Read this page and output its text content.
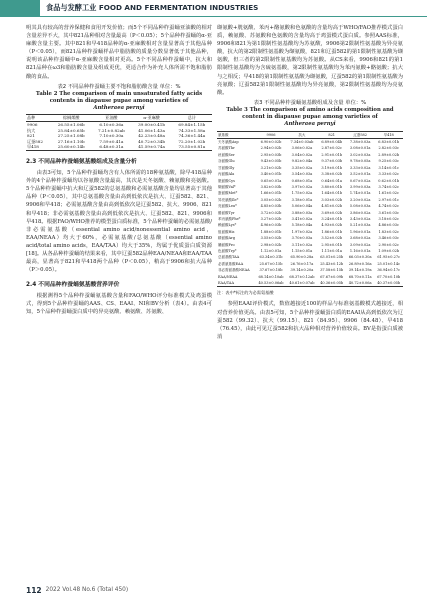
食品与发酵工业 FOOD AND FERMENTATION INDUSTRIES

明其具有较高的营养保健和食用开发价值；而5个不同品种柞蚕蛹亚油酸的相对含量差异不大，其中821品种相对含量最高（P＜0.05）；5个品种柞蚕蛹的α-亚麻酸含量主要。其中821和早418品种的α-亚麻酸相对含量显著高于其他品种（P＜0.05），而821品种柞蚕蛹样品中脂肪酸的质量分数显著低于其他品种，说明该品种柞蚕蛹中α-亚麻酸含量相对更高。5个不同品种柞蚕蛹中，抗大和821品种在ω3和脂肪酸含量及组成更优，更适合作为补充人体所需不饱和脂肪酸的食品。

表2 不同品种柞蚕蛹主要不饱和脂肪酸含量 单位：%
Table 2 The comparison of main unsaturated fatty acids
contents in diapause pupae among varieties of
Antheraea pernyi
品种	棕榈烯酸	亚油酸	α-亚麻酸	总计
9906	26.55±1.06b	6.10±0.36a	39.00±0.41b	69.84±1.15b
抗大	25.84±0.65b	7.21±0.82ab	41.06±1.43a	74.33±1.58a
821	27.25±1.08b	7.10±0.30a	42.23±0.48a	74.36±1.44a
辽蚕582	27.16±1.10b	7.59±0.41a	40.72±0.34b	72.20±1.02b
早418	25.60±0.14b	6.48±0.31a	41.59±0.74a	73.55±0.81a
2.3 不同品种柞蚕蛹氨基酸组成及含量分析

由表3可知，5个品种柞蚕蛹均含有人体所需的18种氨基酸，除早418品种外的4个品种柞蚕蛹均以谷氨酸含量最高，其次是天冬氨酸、赖氨酸和亮氨酸。5个品种柞蚕蛹中抗大和辽蚕582的总氨基酸和必需氨基酸含量均显著高于其他品种（P＜0.05），其中总氨基酸含量由高到低依次是抗大、辽蚕582、821、9906和早418；必需氨基酸含量由高到低依次是辽蚕582、抗大、9906、821和早418；非必需氨基酸含量由高到低依次是抗大、辽蚕582、821、9906和早418。根据FAO/WHO推荐的模型蛋白质标准，5个品种柞蚕蛹的必需氨基酸/非必需氨基酸（essential amino acid/nonessential amino acid，EAA/NEAA）均大于60%，必需氨基酸/总氨基酸（essential amino acid/total amino acids，EAA/TAA）均大于35%，均属于优质蛋白质资源[18]。从各品种柞蚕蛹的结果来看，其中辽蚕582品种EAA/NEAA和EAA/TAA最高，显著高于821和早418两个品种（P＜0.05），稍高于9906和抗大品种（P＞0.05）。

2.4 不同品种柞蚕蛹氨基酸营养评价

根据测得5个品种柞蚕蛹氨基酸含量和FAO/WHO评分标准模式及鸡蛋模式，得到5个品种柞蚕蛹的AAS、CS、EAAI、NI和BV分析（表4）。由表4可知，5个品种柞蚕蛹蛋白质中的异亮氨酸、赖氨酸、苏氨酸、

缬氨酸+胱氨酸、苯丙+酪氨酸和色氨酸的含量均高于WHO/FAO推荐模式蛋白质，赖氨酸、苏氨酸和色氨酸的含量均高于鸡蛋模式蛋白质。参照AAS标准，9906和821为第1限制性氨基酸均为苏氨酸，9906第2限制性氨基酸为异亮氨酸，抗大的第2限制性氨基酸为缬氨酸，821和辽蚕582的第1限制性氨基酸为缬氨酸，但三者的第2限制性氨基酸均为苏氨酸。从CS来看，9906和821的第1限制性氨基酸均为含硫氨基酸，第2限制性氨基酸均为苯丙氨酸+酪氨酸；抗大与之相反；早418的第1限制性氨基酸为缬氨酸，辽蚕582的第1限制性氨基酸为亮氨酸；辽蚕582第1限制性氨基酸均为异亮氨酸，第2限制性氨基酸均为亮氨酸。

表3 不同品种柞蚕蛹氨基酸组成及含量 单位：%
Table 3 The comparison of amino acids composition and
content in diapause pupae among varieties of
Antheraea pernyi
氨基酸	9906	抗大	821	辽蚕582	早418
天冬氨酸Asp	6.90±0.02b	7.34±0.03ab	6.89±0.04b	7.38±0.03a	6.83±0.01b
苏氨酸Thr	2.94±0.02b	3.06±0.02a	2.87±0.02c	3.08±0.01a	2.82±0.03c
丝氨酸Ser	2.95±0.03b	3.04±0.02a	2.91±0.01b	3.02±0.03a	2.89±0.02b
谷氨酸Glu	9.43±0.05b	9.82±0.04a	9.37±0.03b	9.78±0.05a	9.25±0.03c
甘氨酸Gly	3.21±0.02b	3.35±0.02a	3.19±0.01b	3.33±0.02a	3.14±0.01c
丙氨酸Ala	3.40±0.01b	3.54±0.03a	3.38±0.02b	3.52±0.01a	3.33±0.02c
胱氨酸Cys	0.65±0.01a	0.68±0.01a	0.64±0.01a	0.67±0.02a	0.62±0.01b
缬氨酸Val*	3.82±0.03b	3.97±0.02a	3.80±0.01b	3.99±0.03a	3.74±0.02c
蛋氨酸Met*	1.66±0.01b	1.75±0.02a	1.64±0.01b	1.74±0.01a	1.61±0.02c
异亮氨酸Ile*	3.05±0.02b	3.18±0.01a	3.03±0.02b	3.20±0.02a	2.97±0.01c
亮氨酸Leu*	4.85±0.03b	5.06±0.04a	4.81±0.02b	5.08±0.03a	4.74±0.02c
酪氨酸Tyr	3.72±0.02b	3.88±0.03a	3.69±0.02b	3.86±0.02a	3.61±0.03c
苯丙氨酸Phe*	3.27±0.02b	3.41±0.02a	3.24±0.01b	3.43±0.02a	3.18±0.02c
赖氨酸Lys*	4.96±0.03b	5.18±0.04a	4.93±0.02b	5.21±0.03a	4.86±0.03c
组氨酸His	1.88±0.01b	1.97±0.02a	1.86±0.01b	1.96±0.01a	1.83±0.02c
精氨酸Arg	3.55±0.02b	3.70±0.03a	3.52±0.02b	3.68±0.02a	3.46±0.03c
脯氨酸Pro	2.98±0.02b	3.11±0.02a	2.95±0.01b	3.09±0.02a	2.90±0.02c
色氨酸Trp*	1.12±0.01a	1.15±0.01a	1.11±0.01a	1.16±0.01a	1.09±0.02b
总氨基酸TAA	63.34±0.31b	65.90±0.28a	63.01±0.25b	66.03±0.30a	61.95±0.27c
必需氨基酸EAA	25.67±0.15b	26.76±0.17a	25.43±0.12b	26.89±0.16a	25.01±0.14c
非必需氨基酸NEAA	37.67±0.18b	39.14±0.20a	37.58±0.15b	39.14±0.19a	36.94±0.17c
EAA/NEAA	68.14±0.10ab	68.37±0.12ab	67.67±0.09b	68.70±0.11a	67.70±0.10b
EAA/TAA	40.53±0.06ab	40.61±0.07ab	40.36±0.05b	40.72±0.06a	40.37±0.05b
注：表中*标注的为必需氨基酸

参照EAAI评价模式，数值越接近100的样品与标准氨基酸模式越接近，相对营养价值更高。由表5可知，5个品种柞蚕蛹蛋白质的EAAI从高到低依次为辽蚕582（99.32）、抗大（99.15）、821（84.95）、9906（84.48）、早418（76.45），由此可见辽蚕582和抗大品种相对营养价值较高。BV是指蛋白质被消

112 2022 Vol.48 No.6 (Total 450)
